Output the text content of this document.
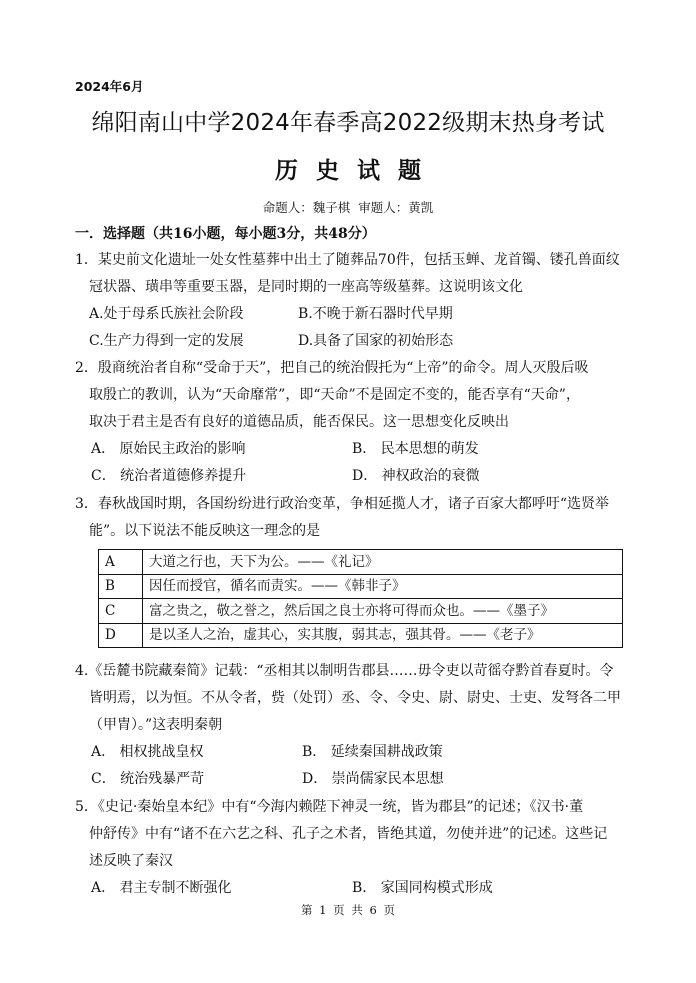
2024年6月
绵阳南山中学2024年春季高2022级期末热身考试
历 史 试 题
命题人：魏子棋 审题人：黄凯
一．选择题（共16小题，每小题3分，共48分）
1．某史前文化遗址一处女性墓葬中出土了随葬品70件，包括玉蝉、龙首镯、镂孔兽面纹
冠状器、璜串等重要玉器，是同时期的一座高等级墓葬。这说明该文化
A.处于母系氏族社会阶段	B.不晚于新石器时代早期
C.生产力得到一定的发展	D.具备了国家的初始形态
2．殷商统治者自称“受命于天”，把自己的统治假托为“上帝”的命令。周人灭殷后吸
取殷亡的教训，认为“天命靡常”，即“天命”不是固定不变的，能否享有“天命”，
取决于君主是否有良好的道德品质，能否保民。这一思想变化反映出
A． 原始民主政治的影响	B． 民本思想的萌发
C． 统治者道德修养提升	D． 神权政治的衰微
3．春秋战国时期，各国纷纷进行政治变革，争相延揽人才，诸子百家大都呼吁“选贤举
能”。以下说法不能反映这一理念的是
A	大道之行也，天下为公。——《礼记》
B	因任而授官，循名而责实。——《韩非子》
C	富之贵之，敬之誉之，然后国之良士亦将可得而众也。——《墨子》
D	是以圣人之治，虚其心，实其腹，弱其志，强其骨。——《老子》
4.《岳麓书院藏秦简》记载：“丞相其以制明告郡县……毋令吏以苛徭夺黔首春夏时。令
皆明焉，以为恒。不从令者，赀（处罚）丞、令、令史、尉、尉史、士吏、发弩各二甲
（甲胄）。”这表明秦朝
A． 相权挑战皇权	B． 延续秦国耕战政策
C． 统治残暴严苛	D． 崇尚儒家民本思想
5．《史记·秦始皇本纪》中有“今海内赖陛下神灵一统，皆为郡县”的记述；《汉书·董
仲舒传》中有“诸不在六艺之科、孔子之术者，皆绝其道，勿使并进”的记述。这些记
述反映了秦汉
A． 君主专制不断强化	B． 家国同构模式形成
第 1 页 共 6 页
